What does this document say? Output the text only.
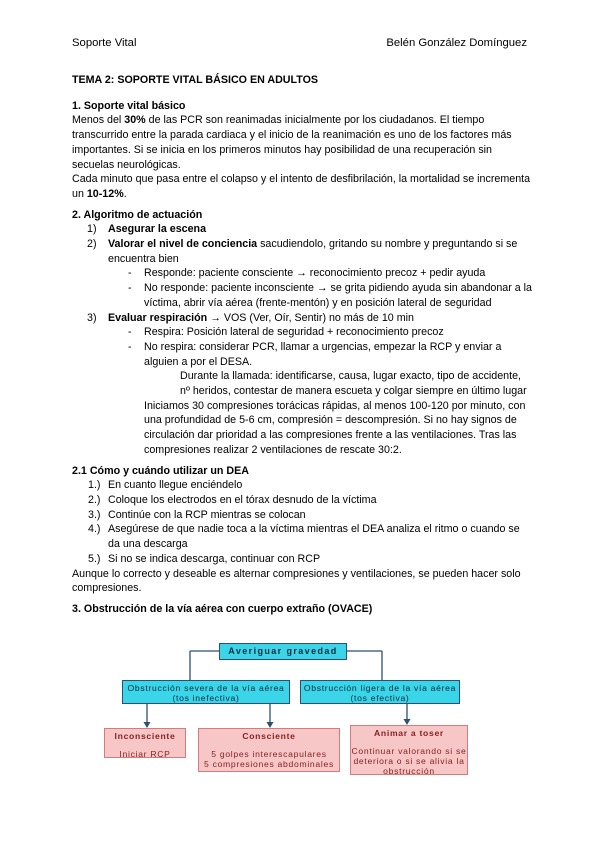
Soporte Vital	Belén González Domínguez

TEMA 2: SOPORTE VITAL BÁSICO EN ADULTOS

1. Soporte vital básico

Menos del 30% de las PCR son reanimadas inicialmente por los ciudadanos. El tiempo transcurrido entre la parada cardiaca y el inicio de la reanimación es uno de los factores más importantes. Si se inicia en los primeros minutos hay posibilidad de una recuperación sin secuelas neurológicas.

Cada minuto que pasa entre el colapso y el intento de desfibrilación, la mortalidad se incrementa un 10-12%.

2. Algoritmo de actuación

1) Asegurar la escena
2) Valorar el nivel de conciencia sacudiendolo, gritando su nombre y preguntando si se encuentra bien
- Responde: paciente consciente → reconocimiento precoz + pedir ayuda
- No responde: paciente inconsciente → se grita pidiendo ayuda sin abandonar a la víctima, abrir vía aérea (frente-mentón) y en posición lateral de seguridad
3) Evaluar respiración → VOS (Ver, Oír, Sentir) no más de 10 min
- Respira: Posición lateral de seguridad + reconocimiento precoz
- No respira: considerar PCR, llamar a urgencias, empezar la RCP y enviar a alguien a por el DESA.
Durante la llamada: identificarse, causa, lugar exacto, tipo de accidente, nº heridos, contestar de manera escueta y colgar siempre en último lugar
Iniciamos 30 compresiones torácicas rápidas, al menos 100-120 por minuto, con una profundidad de 5-6 cm, compresión = descompresión. Si no hay signos de circulación dar prioridad a las compresiones frente a las ventilaciones. Tras las compresiones realizar 2 ventilaciones de rescate 30:2.

2.1 Cómo y cuándo utilizar un DEA

1.) En cuanto llegue enciéndelo
2.) Coloque los electrodos en el tórax desnudo de la víctima
3.) Continúe con la RCP mientras se colocan
4.) Asegúrese de que nadie toca a la víctima mientras el DEA analiza el ritmo o cuando se da una descarga
5.) Si no se indica descarga, continuar con RCP

Aunque lo correcto y deseable es alternar compresiones y ventilaciones, se pueden hacer solo compresiones.

3. Obstrucción de la vía aérea con cuerpo extraño (OVACE)

Averiguar gravedad
Obstrucción severa de la vía aérea
(tos inefectiva)
Obstrucción ligera de la vía aérea
(tos efectiva)
Inconsciente
Iniciar RCP
Consciente
5 golpes interescapulares
5 compresiones abdominales
Animar a toser
Continuar valorando si se deteriora o si se alivia la obstrucción
